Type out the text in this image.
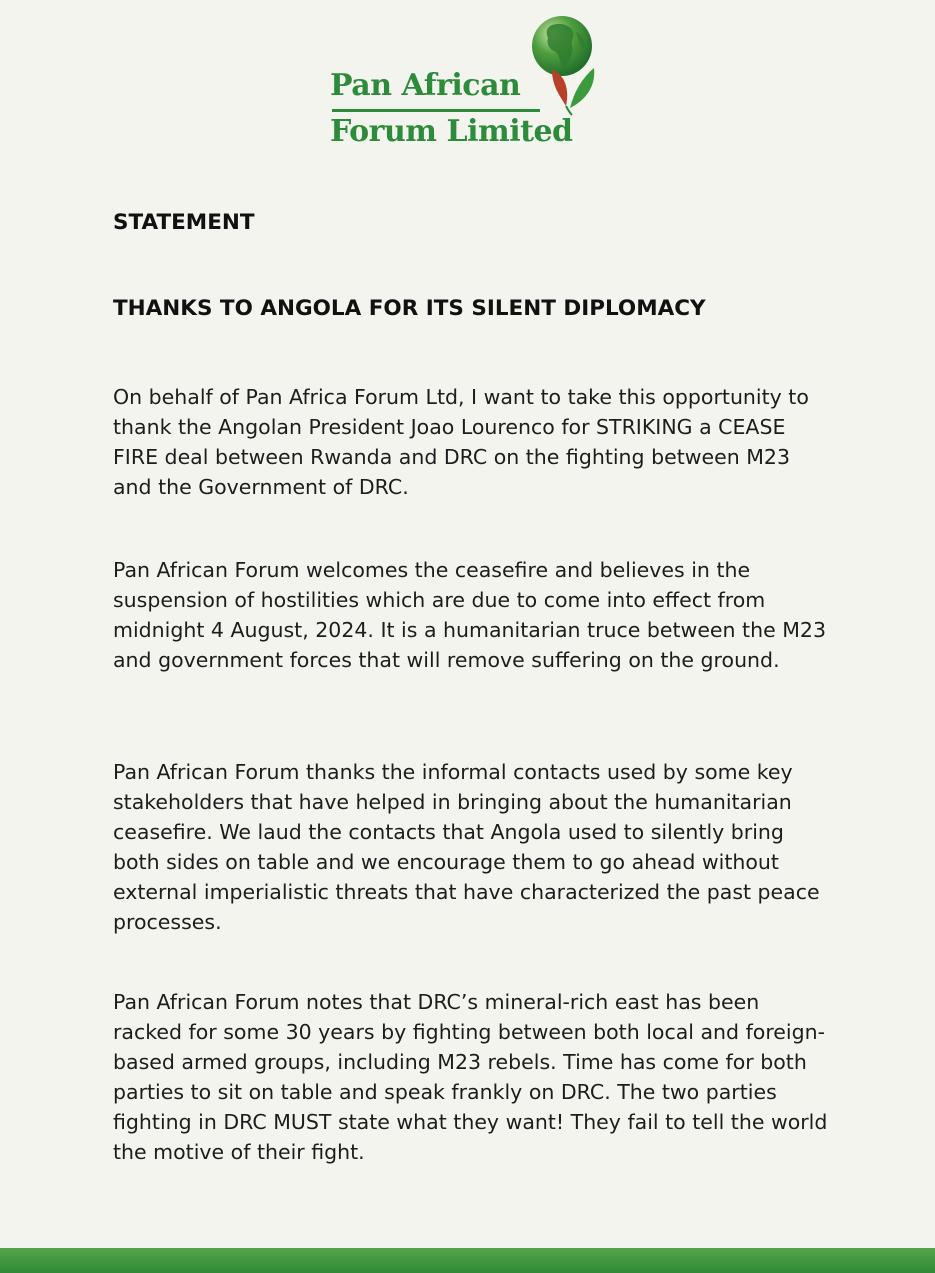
Pan African
Forum Limited
STATEMENT
THANKS TO ANGOLA FOR ITS SILENT DIPLOMACY

On behalf of Pan Africa Forum Ltd, I want to take this opportunity to thank the Angolan President Joao Lourenco for STRIKING a CEASE FIRE deal between Rwanda and DRC on the fighting between M23 and the Government of DRC.

Pan African Forum welcomes the ceasefire and believes in the suspension of hostilities which are due to come into effect from midnight 4 August, 2024. It is a humanitarian truce between the M23 and government forces that will remove suffering on the ground.

Pan African Forum thanks the informal contacts used by some key stakeholders that have helped in bringing about the humanitarian ceasefire. We laud the contacts that Angola used to silently bring both sides on table and we encourage them to go ahead without external imperialistic threats that have characterized the past peace processes.

Pan African Forum notes that DRC’s mineral-rich east has been racked for some 30 years by fighting between both local and foreign-based armed groups, including M23 rebels. Time has come for both parties to sit on table and speak frankly on DRC. The two parties fighting in DRC MUST state what they want! They fail to tell the world the motive of their fight.
